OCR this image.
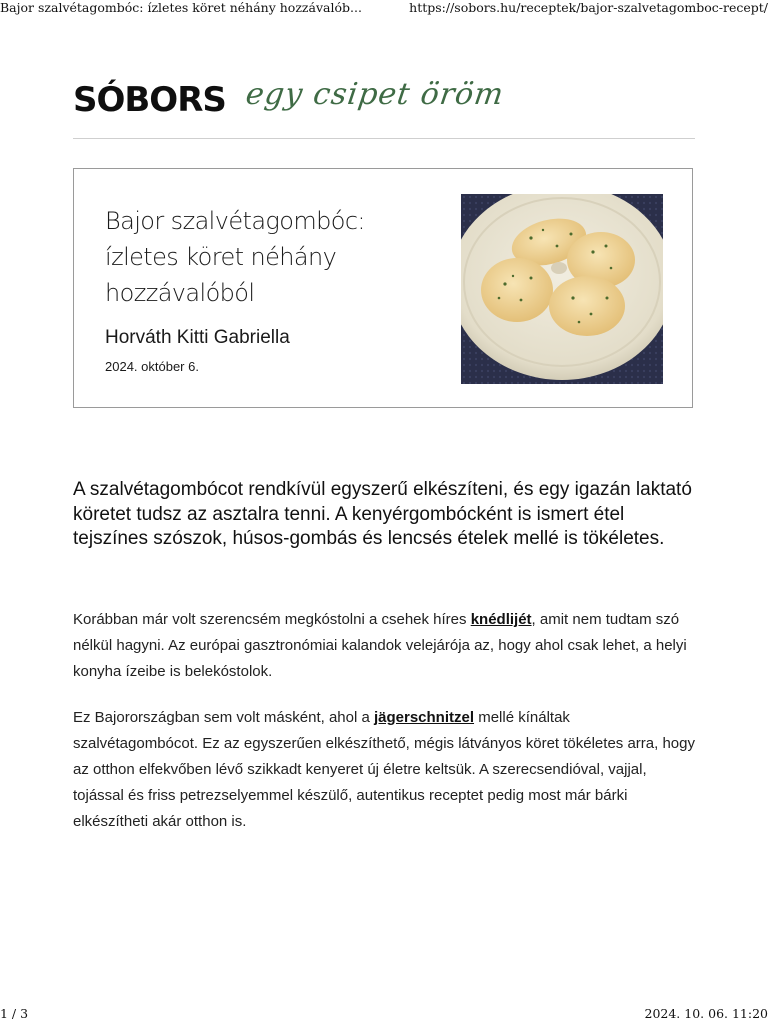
Bajor szalvétagombóc: ízletes köret néhány hozzávalób...	https://sobors.hu/receptek/bajor-szalvetagomboc-recept/
SÓBORS egy csipet öröm
Bajor szalvétagombóc: ízletes köret néhány hozzávalóból
Horváth Kitti Gabriella
2024. október 6.

A szalvétagombócot rendkívül egyszerű elkészíteni, és egy igazán laktató köretet tudsz az asztalra tenni. A kenyérgombócként is ismert étel tejszínes szószok, húsos-gombás és lencsés ételek mellé is tökéletes.

Korábban már volt szerencsém megkóstolni a csehek híres knédlijét, amit nem tudtam szó nélkül hagyni. Az európai gasztronómiai kalandok velejárója az, hogy ahol csak lehet, a helyi konyha ízeibe is belekóstolok.

Ez Bajorországban sem volt másként, ahol a jägerschnitzel mellé kínáltak szalvétagombócot. Ez az egyszerűen elkészíthető, mégis látványos köret tökéletes arra, hogy az otthon elfekvőben lévő szikkadt kenyeret új életre keltsük. A szerecsendióval, vajjal, tojással és friss petrezselyemmel készülő, autentikus receptet pedig most már bárki elkészítheti akár otthon is.

1 / 3	2024. 10. 06. 11:20
